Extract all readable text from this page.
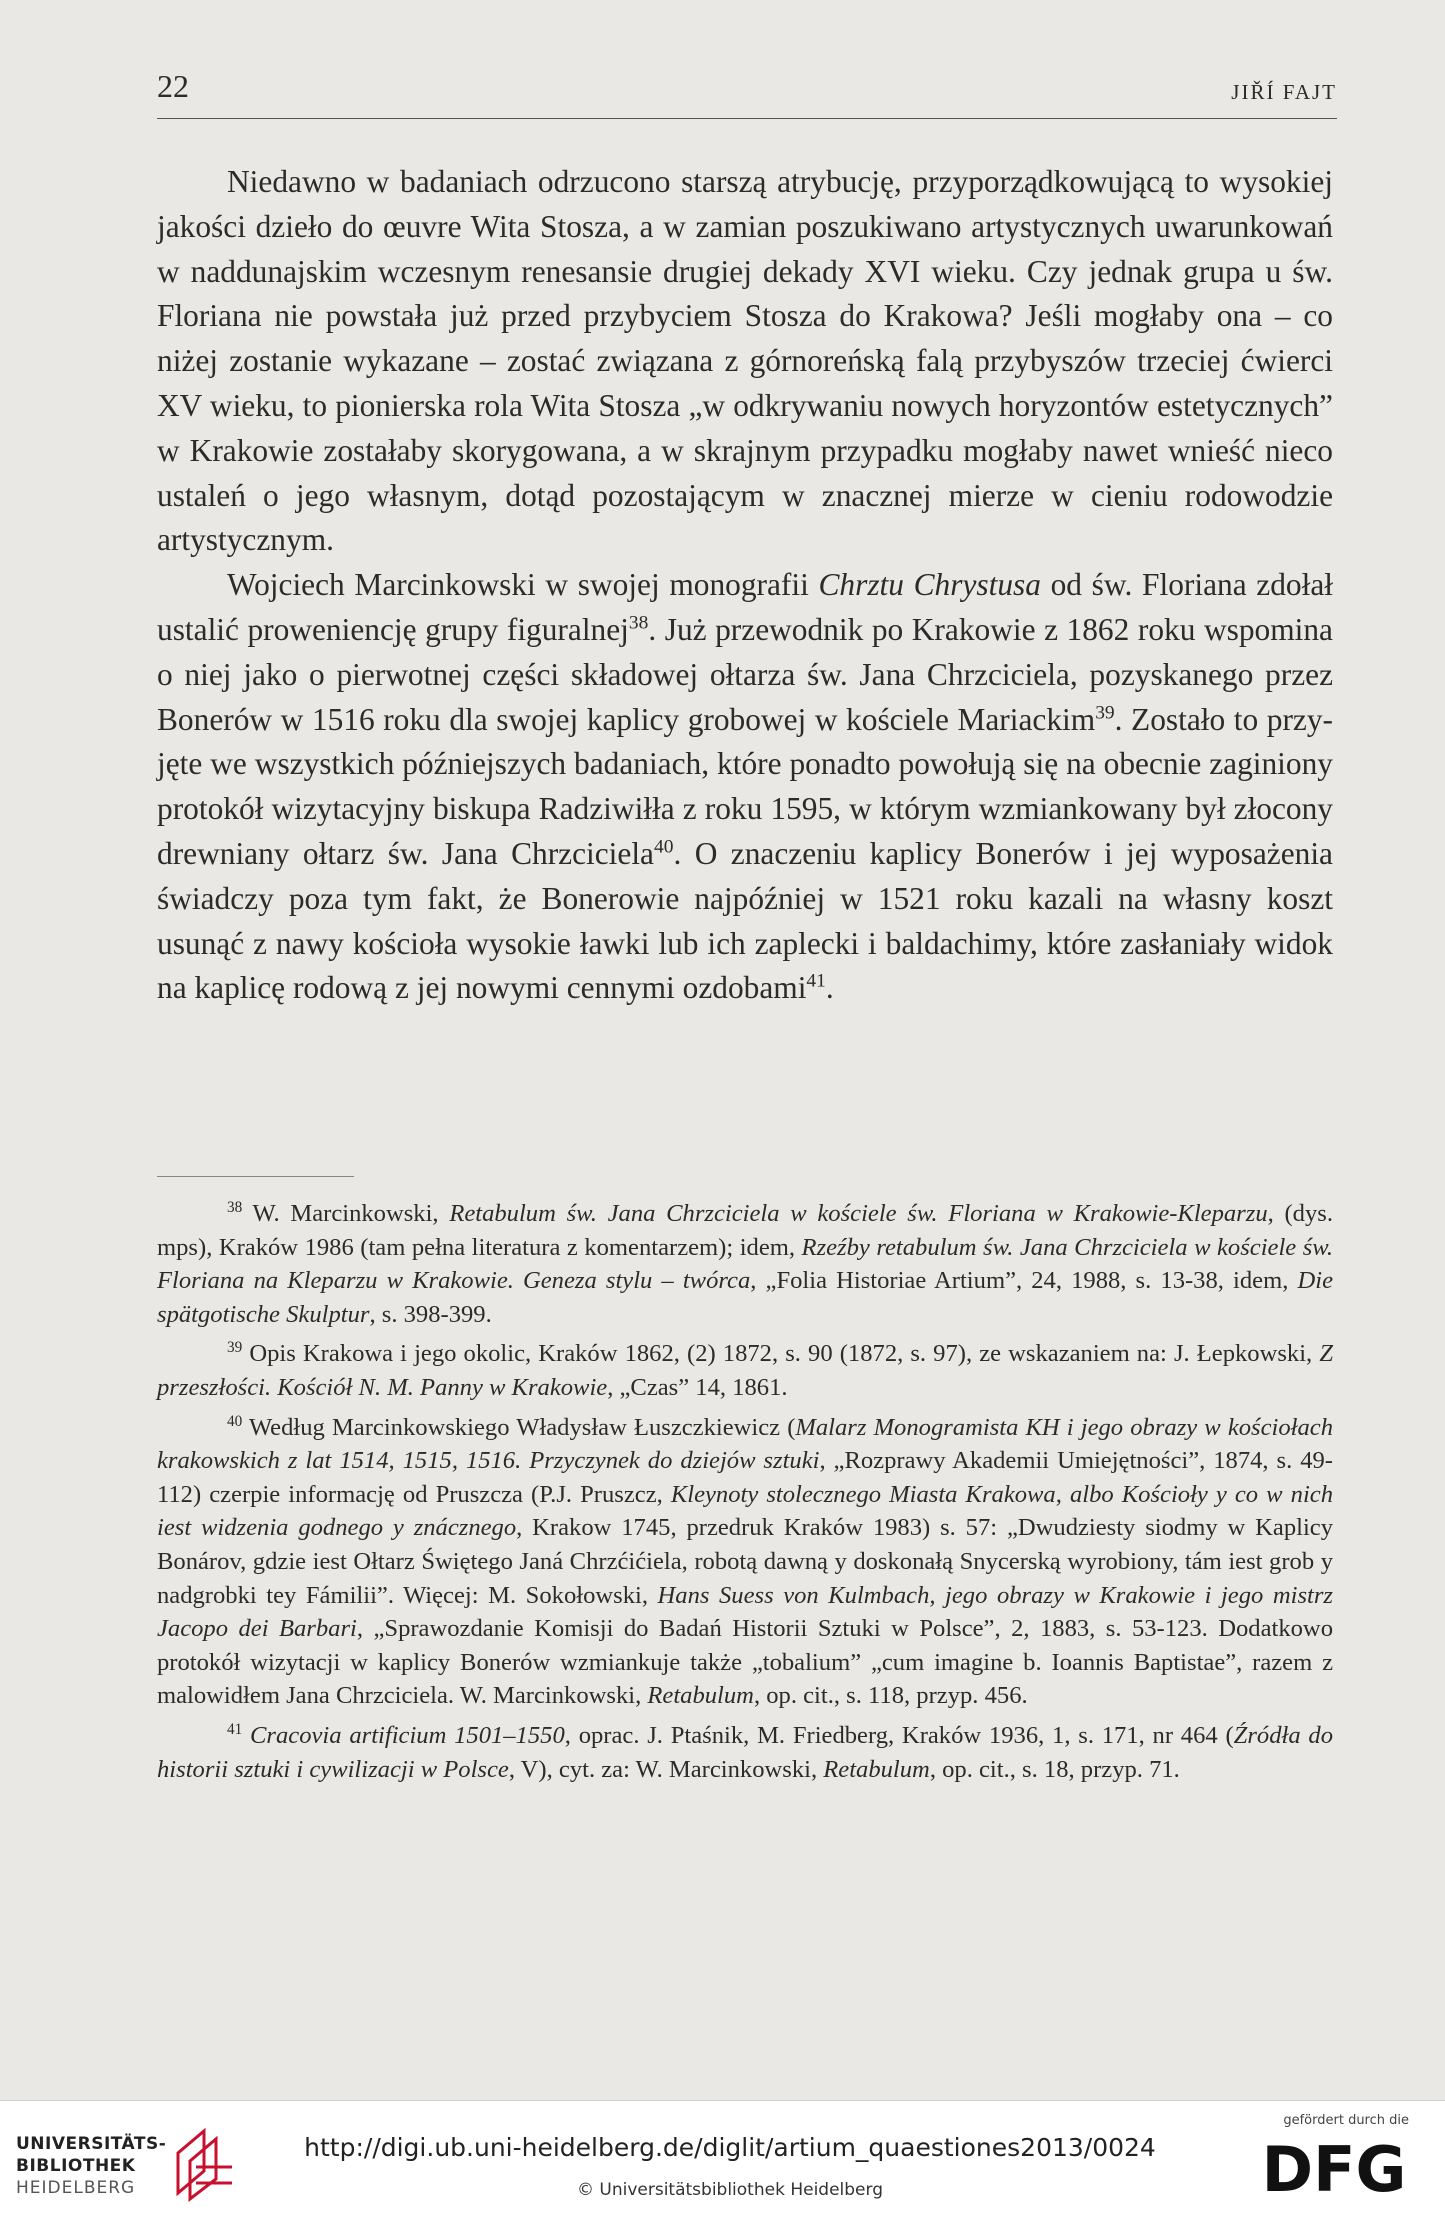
22	JIŘÍ FAJT

Niedawno w badaniach odrzucono starszą atrybucję, przyporządkowującą to wysokiej jakości dzieło do œuvre Wita Stosza, a w zamian poszukiwano artystycznych uwarunkowań w naddunajskim wczesnym renesansie drugiej dekady XVI wieku. Czy jednak grupa u św. Floriana nie powstała już przed przybyciem Stosza do Krakowa? Jeśli mogłaby ona – co niżej zostanie wykazane – zostać związana z górnoreńską falą przybyszów trzeciej ćwierci XV wieku, to pionierska rola Wita Stosza „w odkrywaniu nowych horyzontów estetycznych” w Krakowie zostałaby skorygowana, a w skrajnym przypadku mogłaby nawet wnieść nieco ustaleń o jego własnym, dotąd pozostającym w znacznej mierze w cieniu rodowodzie artystycznym.

Wojciech Marcinkowski w swojej monografii Chrztu Chrystusa od św. Floriana zdołał ustalić proweniencję grupy figuralnej$^{38}$. Już przewodnik po Krakowie z 1862 roku wspomina o niej jako o pierwotnej części składowej ołtarza św. Jana Chrzciciela, pozyskanego przez Bonerów w 1516 roku dla swojej kaplicy grobowej w kościele Mariackim$^{39}$. Zostało to przyjęte we wszystkich późniejszych badaniach, które ponadto powołują się na obecnie zaginiony protokół wizytacyjny biskupa Radziwiłła z roku 1595, w którym wzmiankowany był złocony drewniany ołtarz św. Jana Chrzciciela$^{40}$. O znaczeniu kaplicy Bonerów i jej wyposażenia świadczy poza tym fakt, że Bonerowie najpóźniej w 1521 roku kazali na własny koszt usunąć z nawy kościoła wysokie ławki lub ich zaplecki i baldachimy, które zasłaniały widok na kaplicę rodową z jej nowymi cennymi ozdobami$^{41}$.

$^{38}$ W. Marcinkowski, Retabulum św. Jana Chrzciciela w kościele św. Floriana w Krakowie-Kleparzu, (dys. mps), Kraków 1986 (tam pełna literatura z komentarzem); idem, Rzeźby retabulum św. Jana Chrzciciela w kościele św. Floriana na Kleparzu w Krakowie. Geneza stylu – twórca, „Folia Historiae Artium”, 24, 1988, s. 13-38, idem, Die spätgotische Skulptur, s. 398-399.

$^{39}$ Opis Krakowa i jego okolic, Kraków 1862, (2) 1872, s. 90 (1872, s. 97), ze wskazaniem na: J. Łepkowski, Z przeszłości. Kościół N. M. Panny w Krakowie, „Czas” 14, 1861.

$^{40}$ Według Marcinkowskiego Władysław Łuszczkiewicz (Malarz Monogramista KH i jego obrazy w kościołach krakowskich z lat 1514, 1515, 1516. Przyczynek do dziejów sztuki, „Rozprawy Akademii Umiejętności”, 1874, s. 49-112) czerpie informację od Pruszcza (P.J. Pruszcz, Kleynoty stolecznego Miasta Krakowa, albo Kościoły y co w nich iest widzenia godnego y znácznego, Krakow 1745, przedruk Kraków 1983) s. 57: „Dwudziesty siodmy w Kaplicy Bonárov, gdzie iest Ołtarz Świętego Janá Chrzćićiela, robotą dawną y doskonałą Snycerską wyrobiony, tám iest grob y nadgrobki tey Fámilii”. Więcej: M. Sokołowski, Hans Suess von Kulmbach, jego obrazy w Krakowie i jego mistrz Jacopo dei Barbari, „Sprawozdanie Komisji do Badań Historii Sztuki w Polsce”, 2, 1883, s. 53-123. Dodatkowo protokół wizytacji w kaplicy Bonerów wzmiankuje także „tobalium” „cum imagine b. Ioannis Baptistae”, razem z malowidłem Jana Chrzciciela. W. Marcinkowski, Retabulum, op. cit., s. 118, przyp. 456.

$^{41}$ Cracovia artificium 1501–1550, oprac. J. Ptaśnik, M. Friedberg, Kraków 1936, 1, s. 171, nr 464 (Źródła do historii sztuki i cywilizacji w Polsce, V), cyt. za: W. Marcinkowski, Retabulum, op. cit., s. 18, przyp. 71.

UNIVERSITÄTS-
BIBLIOTHEK
HEIDELBERG
http://digi.ub.uni-heidelberg.de/diglit/artium_quaestiones2013/0024
© Universitätsbibliothek Heidelberg
gefördert durch die
DFG
